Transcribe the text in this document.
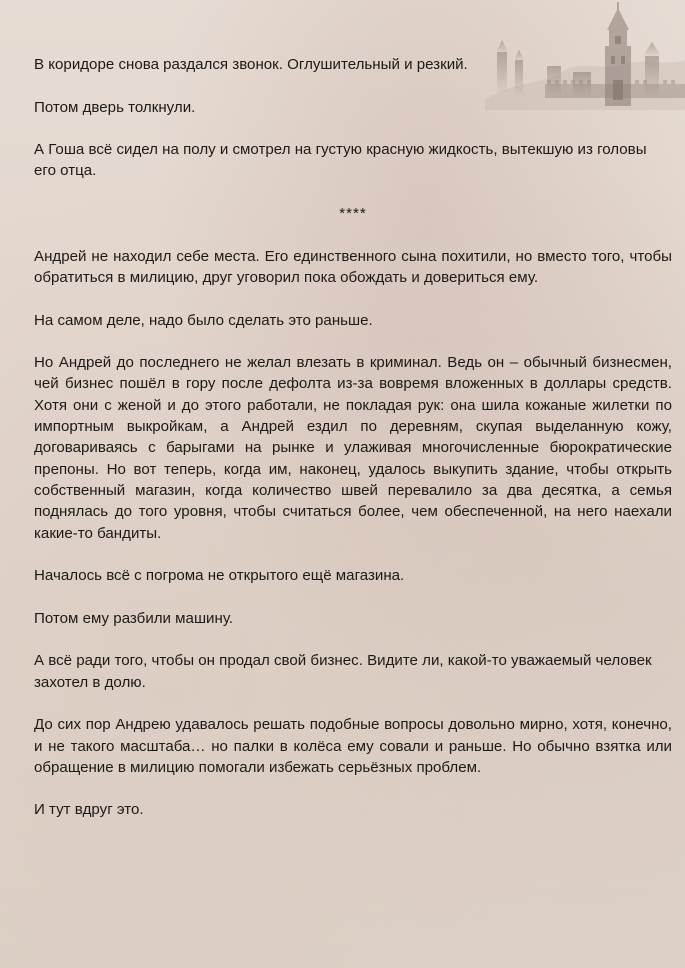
В коридоре снова раздался звонок. Оглушительный и резкий.

Потом дверь толкнули.

А Гоша всё сидел на полу и смотрел на густую красную жидкость, вытекшую из головы его отца.

****

Андрей не находил себе места. Его единственного сына похитили, но вместо того, чтобы обратиться в милицию, друг уговорил пока обождать и довериться ему.

На самом деле, надо было сделать это раньше.

Но Андрей до последнего не желал влезать в криминал. Ведь он – обычный бизнесмен, чей бизнес пошёл в гору после дефолта из-за вовремя вложенных в доллары средств. Хотя они с женой и до этого работали, не покладая рук: она шила кожаные жилетки по импортным выкройкам, а Андрей ездил по деревням, скупая выделанную кожу, договариваясь с барыгами на рынке и улаживая многочисленные бюрократические препоны. Но вот теперь, когда им, наконец, удалось выкупить здание, чтобы открыть собственный магазин, когда количество швей перевалило за два десятка, а семья поднялась до того уровня, чтобы считаться более, чем обеспеченной, на него наехали какие-то бандиты.

Началось всё с погрома не открытого ещё магазина.

Потом ему разбили машину.

А всё ради того, чтобы он продал свой бизнес. Видите ли, какой-то уважаемый человек захотел в долю.

До сих пор Андрею удавалось решать подобные вопросы довольно мирно, хотя, конечно, и не такого масштаба… но палки в колёса ему совали и раньше. Но обычно взятка или обращение в милицию помогали избежать серьёзных проблем.

И тут вдруг это.
